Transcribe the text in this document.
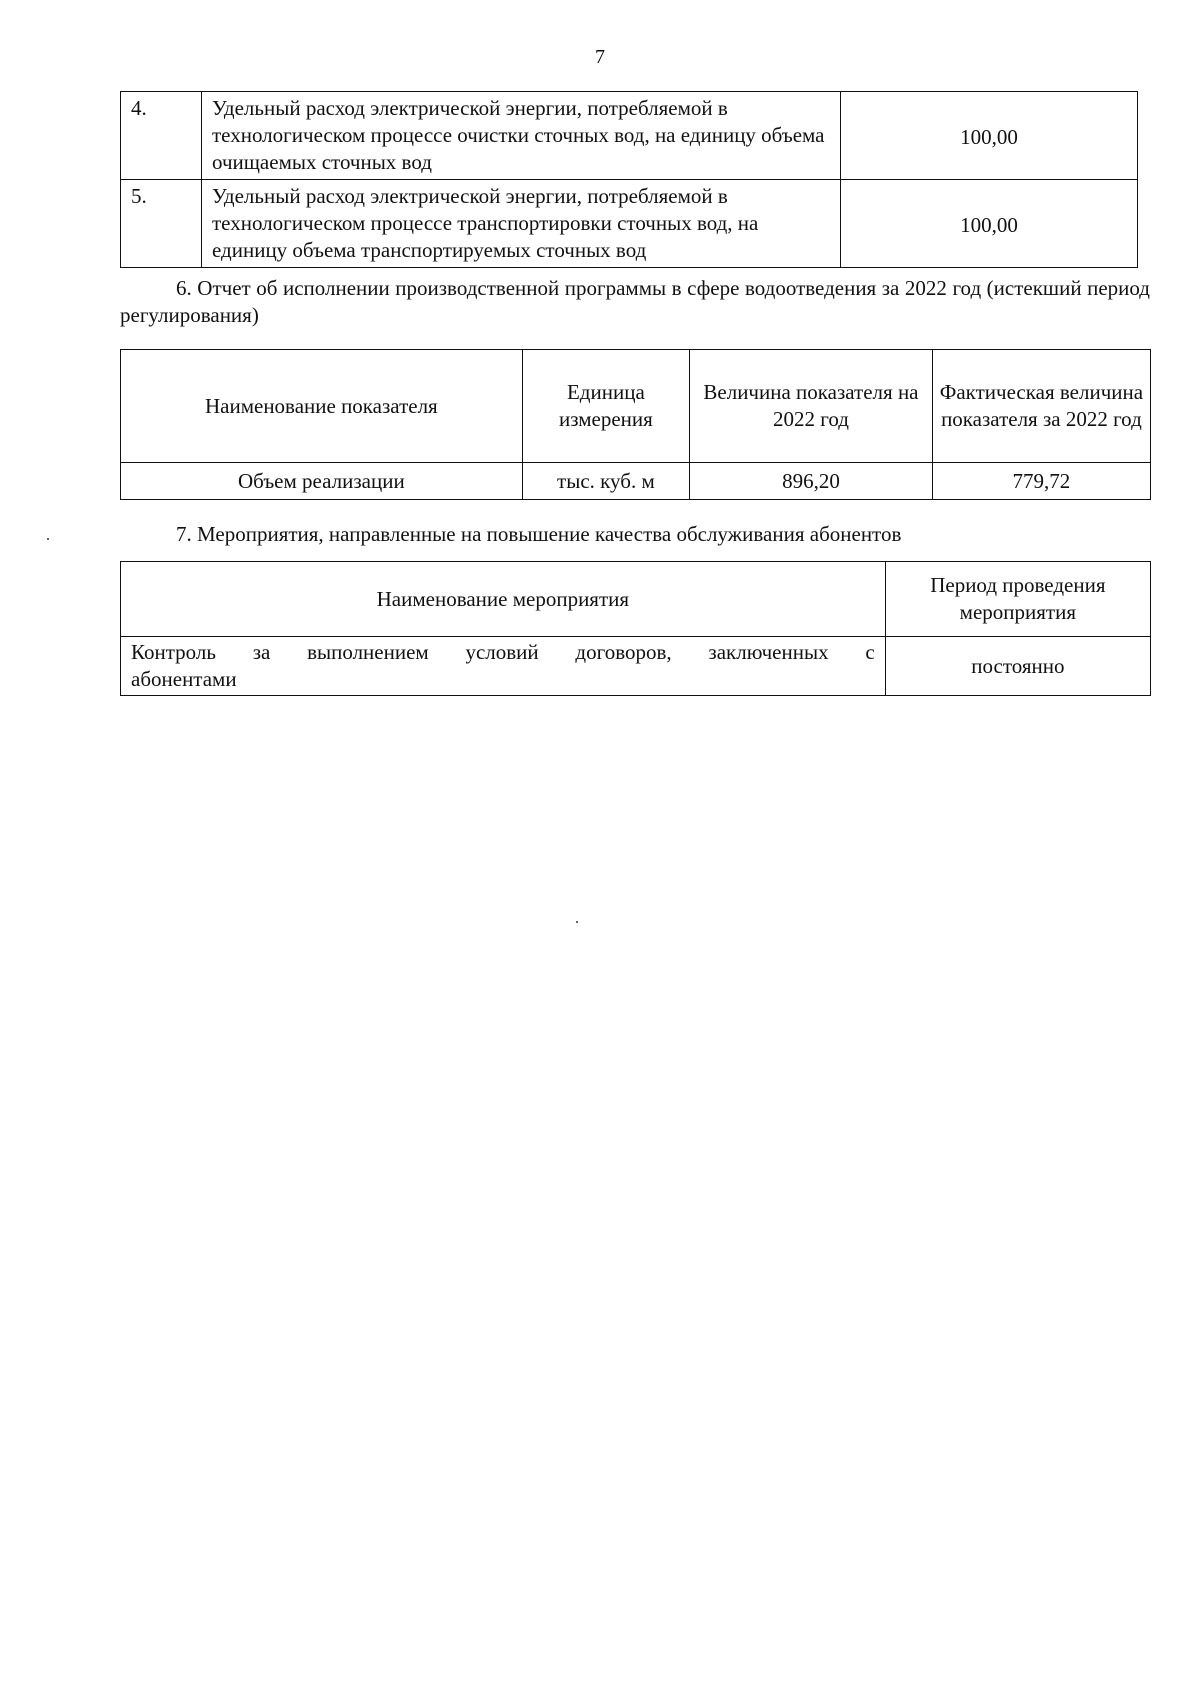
7
4.	Удельный расход электрической энергии, потребляемой в технологическом процессе очистки сточных вод, на единицу объема очищаемых сточных вод	100,00
5.	Удельный расход электрической энергии, потребляемой в технологическом процессе транспортировки сточных вод, на единицу объема транспортируемых сточных вод	100,00
6. Отчет об исполнении производственной программы в сфере водоотведения за 2022 год (истекший период регулирования)
Наименование показателя	Единица измерения	Величина показателя на 2022 год	Фактическая величина показателя за 2022 год
Объем реализации	тыс. куб. м	896,20	779,72
7. Мероприятия, направленные на повышение качества обслуживания абонентов
Наименование мероприятия	Период проведения мероприятия
Контроль за выполнением условий договоров, заключенных с абонентами	постоянно
